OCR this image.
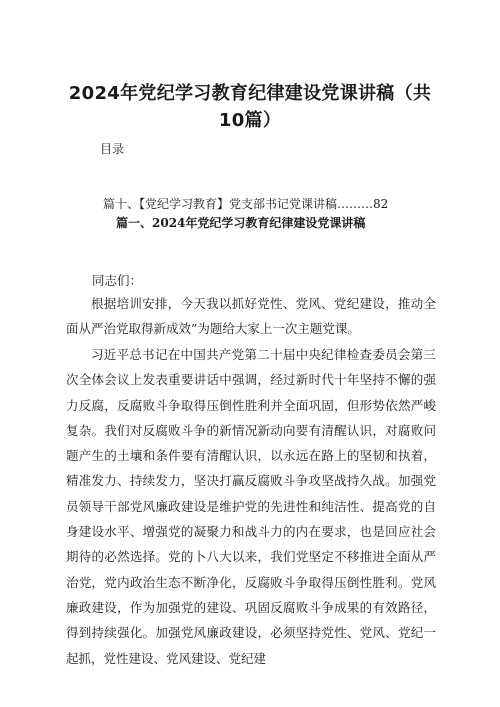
2024年党纪学习教育纪律建设党课讲稿（共10篇）
目录
篇十、【党纪学习教育】党支部书记党课讲稿………82
篇一、2024年党纪学习教育纪律建设党课讲稿
同志们：

根据培训安排，今天我以抓好党性、党风、党纪建设，推动全面从严治党取得新成效”为题给大家上一次主题党课。

习近平总书记在中国共产党第二十届中央纪律检查委员会第三次全体会议上发表重要讲话中强调，经过新时代十年坚持不懈的强力反腐，反腐败斗争取得压倒性胜利并全面巩固，但形势依然严峻复杂。我们对反腐败斗争的新情况新动向要有清醒认识，对腐败问题产生的土壤和条件要有清醒认识，以永远在路上的坚韧和执着，精准发力、持续发力，坚决打赢反腐败斗争攻坚战持久战。加强党员领导干部党风廉政建设是维护党的先进性和纯洁性、提高党的自身建设水平、增强党的凝聚力和战斗力的内在要求，也是回应社会期待的必然选择。党的卜八大以来，我们党坚定不移推进全面从严治党，党内政治生态不断净化，反腐败斗争取得压倒性胜利。党风廉政建设，作为加强党的建设、巩固反腐败斗争成果的有效路径，得到持续强化。加强党风廉政建设，必须坚持党性、党风、党纪一起抓，党性建设、党风建设、党纪建
